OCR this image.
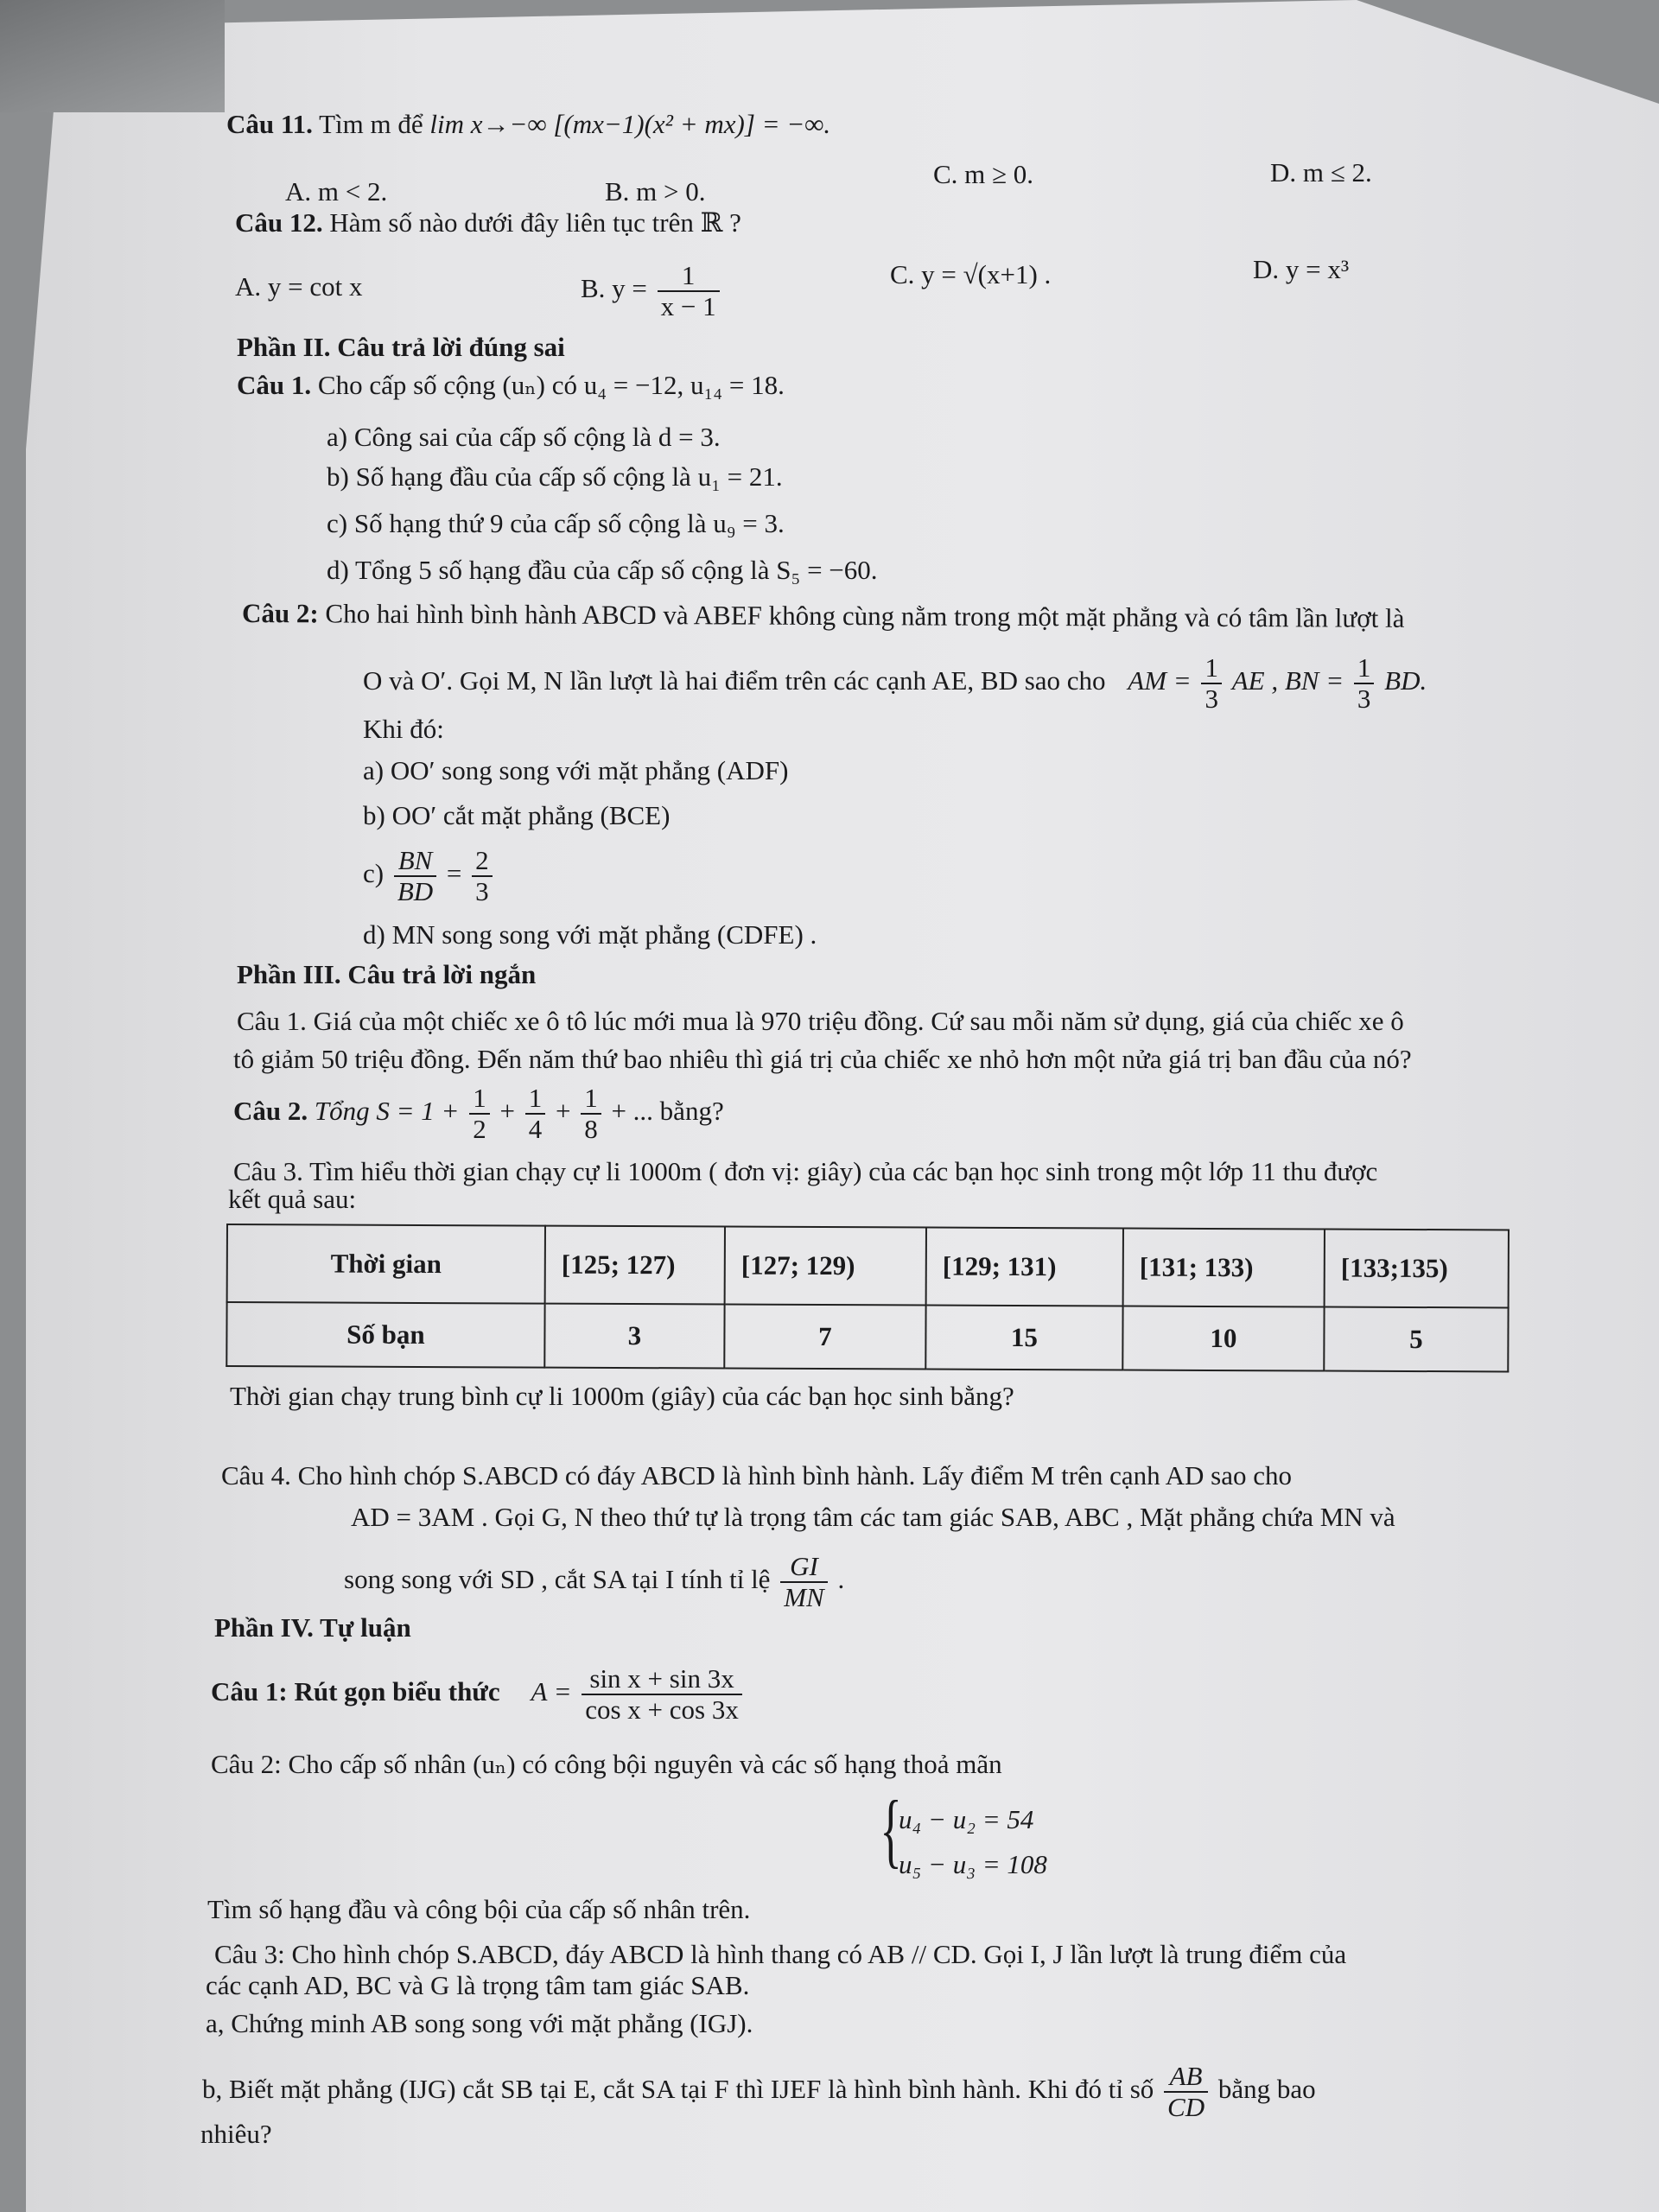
Câu 11. Tìm m để lim x→−∞ [(mx−1)(x² + mx)] = −∞.
A. m < 2.	B. m > 0.
C. m ≥ 0.	D. m ≤ 2.
Câu 12. Hàm số nào dưới đây liên tục trên ℝ ?
A. y = cot x	B. $y = \frac{1}{x - 1}$	C. y = √(x+1) .	D. y = x³
Phần II. Câu trả lời đúng sai
Câu 1. Cho cấp số cộng (uₙ) có u₄ = −12, u₁₄ = 18.
a) Công sai của cấp số cộng là d = 3.
b) Số hạng đầu của cấp số cộng là u₁ = 21.
c) Số hạng thứ 9 của cấp số cộng là u₉ = 3.
d) Tổng 5 số hạng đầu của cấp số cộng là S₅ = −60.
Câu 2: Cho hai hình bình hành ABCD và ABEF không cùng nằm trong một mặt phẳng và có tâm lần lượt là
O và O′. Gọi M, N lần lượt là hai điểm trên các cạnh AE, BD sao cho AM = $\frac{1}{3}$ AE , BN = $\frac{1}{3}$ BD.
Khi đó:
a) OO′ song song với mặt phẳng (ADF)
b) OO′ cắt mặt phẳng (BCE)
$c) \frac{BN}{BD} = \frac{2}{3}$
d) MN song song với mặt phẳng (CDFE) .
Phần III. Câu trả lời ngắn
Câu 1. Giá của một chiếc xe ô tô lúc mới mua là 970 triệu đồng. Cứ sau mỗi năm sử dụng, giá của chiếc xe ô
tô giảm 50 triệu đồng. Đến năm thứ bao nhiêu thì giá trị của chiếc xe nhỏ hơn một nửa giá trị ban đầu của nó?
Câu 2. Tổng $S = 1 + \frac{1}{2} + \frac{1}{4} + \frac{1}{8}$ + ... bằng?
Câu 3. Tìm hiểu thời gian chạy cự li 1000m ( đơn vị: giây) của các bạn học sinh trong một lớp 11 thu được
kết quả sau:
Thời gian	[125; 127)	[127; 129)	[129; 131)	[131; 133)	[133;135)
Số bạn	3	7	15	10	5
Thời gian chạy trung bình cự li 1000m (giây) của các bạn học sinh bằng?
Câu 4. Cho hình chóp S.ABCD có đáy ABCD là hình bình hành. Lấy điểm M trên cạnh AD sao cho
AD = 3AM . Gọi G, N theo thứ tự là trọng tâm các tam giác SAB, ABC , Mặt phẳng chứa MN và
song song với SD , cắt SA tại I tính tỉ lệ $\frac{GI}{MN}$ .
Phần IV. Tự luận
Câu 1: Rút gọn biểu thức $A = \frac{\text{sin x + sin 3x}}{\text{cos x + cos 3x}}$
Câu 2: Cho cấp số nhân (uₙ) có công bội nguyên và các số hạng thoả mãn
{
u₄ − u₂ = 54
u₅ − u₃ = 108
Tìm số hạng đầu và công bội của cấp số nhân trên.
Câu 3: Cho hình chóp S.ABCD, đáy ABCD là hình thang có AB // CD. Gọi I, J lần lượt là trung điểm của
các cạnh AD, BC và G là trọng tâm tam giác SAB.
a, Chứng minh AB song song với mặt phẳng (IGJ).
b, Biết mặt phẳng (IJG) cắt SB tại E, cắt SA tại F thì IJEF là hình bình hành. Khi đó tỉ số $\frac{AB}{CD}$ bằng bao
nhiêu?
